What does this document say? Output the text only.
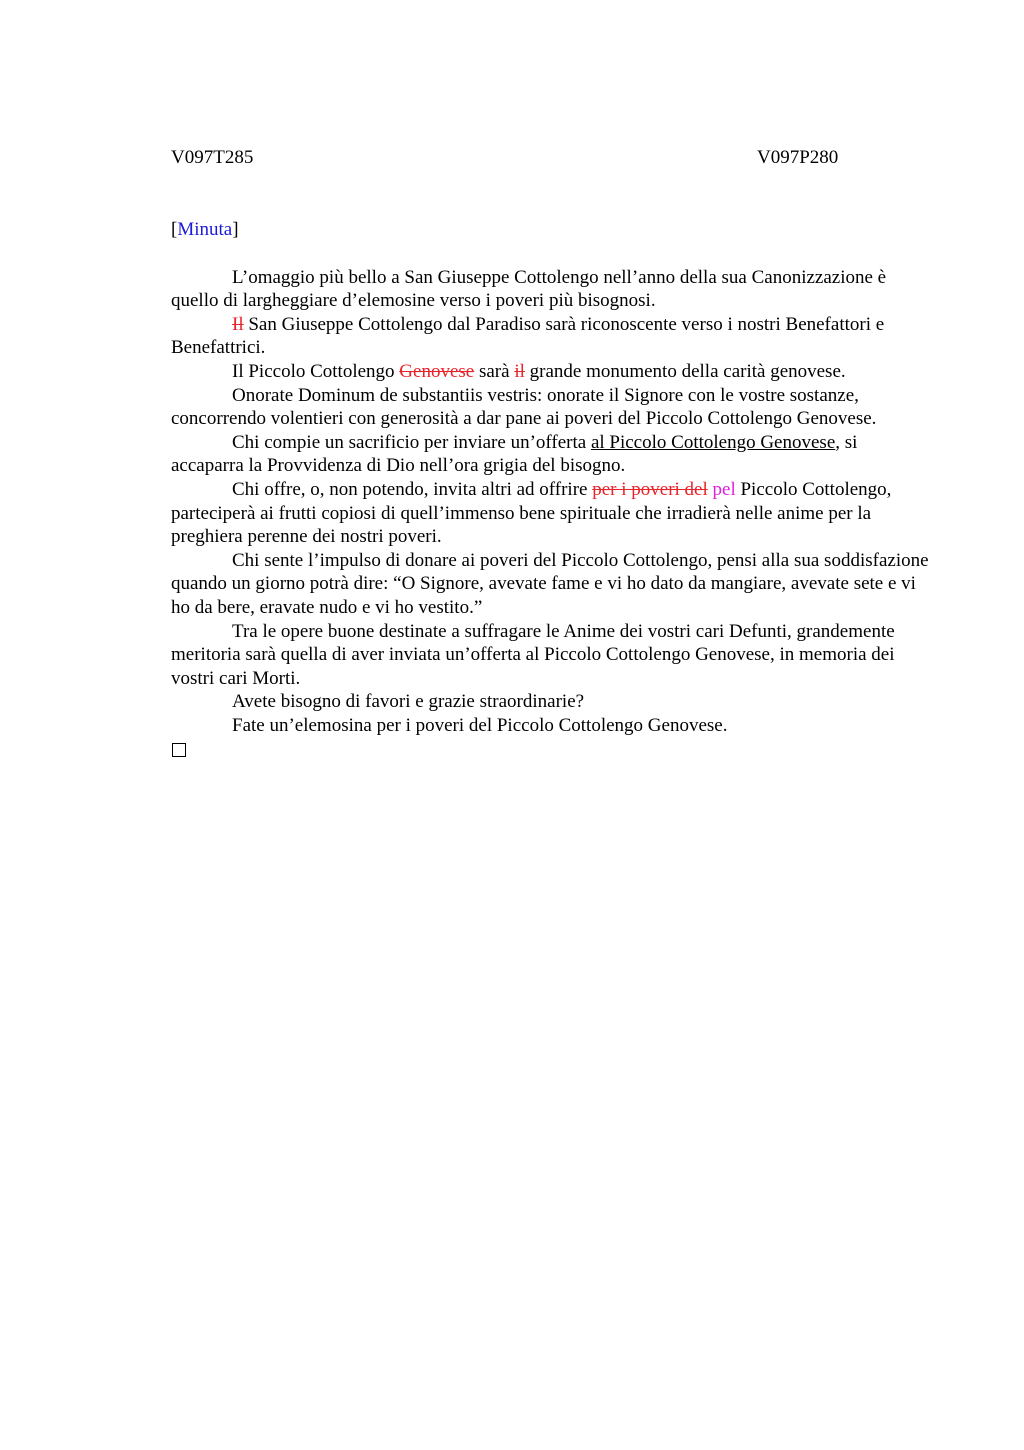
V097T285	V097P280
[Minuta]

L’omaggio più bello a San Giuseppe Cottolengo nell’anno della sua Canonizzazione è quello di largheggiare d’elemosine verso i poveri più bisognosi.

Il San Giuseppe Cottolengo dal Paradiso sarà riconoscente verso i nostri Benefattori e Benefattrici.

Il Piccolo Cottolengo Genovese sarà il grande monumento della carità genovese.

Onorate Dominum de substantiis vestris: onorate il Signore con le vostre sostanze, concorrendo volentieri con generosità a dar pane ai poveri del Piccolo Cottolengo Genovese.

Chi compie un sacrificio per inviare un’offerta al Piccolo Cottolengo Genovese, si accaparra la Provvidenza di Dio nell’ora grigia del bisogno.

Chi offre, o, non potendo, invita altri ad offrire per i poveri del pel Piccolo Cottolengo, parteciperà ai frutti copiosi di quell’immenso bene spirituale che irradierà nelle anime per la preghiera perenne dei nostri poveri.

Chi sente l’impulso di donare ai poveri del Piccolo Cottolengo, pensi alla sua soddisfazione quando un giorno potrà dire: “O Signore, avevate fame e vi ho dato da mangiare, avevate sete e vi ho da bere, eravate nudo e vi ho vestito.”

Tra le opere buone destinate a suffragare le Anime dei vostri cari Defunti, grandemente meritoria sarà quella di aver inviata un’offerta al Piccolo Cottolengo Genovese, in memoria dei vostri cari Morti.

Avete bisogno di favori e grazie straordinarie?

Fate un’elemosina per i poveri del Piccolo Cottolengo Genovese.
